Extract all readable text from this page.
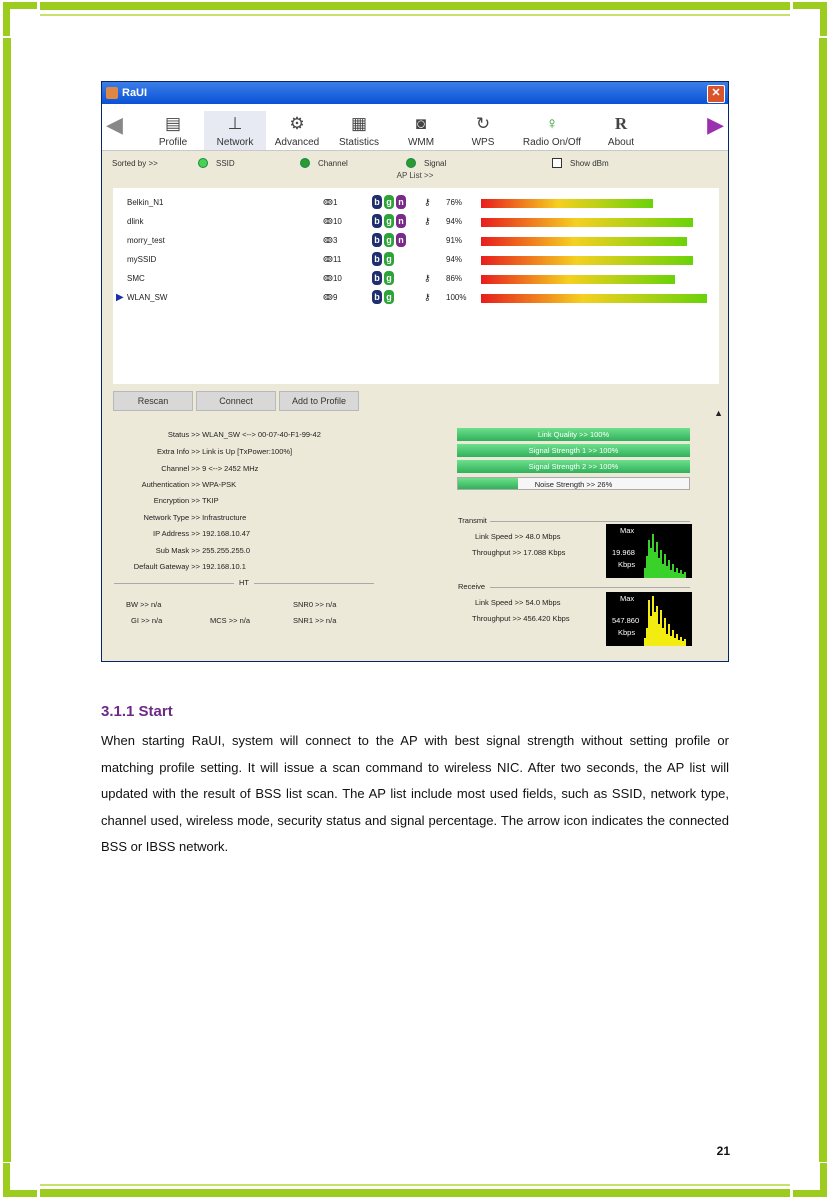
RaUI	✕
◀	▤
Profile
⊥
Network
⚙
Advanced
▦
Statistics
◙
WMM
↻
WPS
♀
Radio On/Off
R
About
▶
Sorted by >>	SSID	Channel	Signal	Show dBm
AP List >>
Belkin_N1	ↂ1	b g n ⚷ 76%
dlink	ↂ10	b g n ⚷ 94%
morry_test	ↂ3	b g n	91%
mySSID	ↂ11	b g	94%
SMC	ↂ10	b g	⚷ 86%
▶ WLAN_SW	ↂ9	b g	⚷ 100%
Rescan	Connect	Add to Profile
▲
Status >> WLAN_SW <--> 00-07-40-F1-99-42
Extra Info >> Link is Up [TxPower:100%]
Channel >> 9 <--> 2452 MHz
Authentication >> WPA-PSK
Encryption >> TKIP
Network Type >> Infrastructure
IP Address >> 192.168.10.47
Sub Mask >> 255.255.255.0
Default Gateway >> 192.168.10.1
HT
BW >> n/a
GI >> n/a	MCS >> n/a
SNR0 >> n/a
SNR1 >> n/a
Link Quality >> 100%
Signal Strength 1 >> 100%
Signal Strength 2 >> 100%
Noise Strength >> 26%
Transmit
Link Speed >> 48.0 Mbps
Throughput >> 17.088 Kbps
Max
19.968
Kbps
Receive
Link Speed >> 54.0 Mbps
Throughput >> 456.420 Kbps
Max
547.860
Kbps
3.1.1 Start
When starting RaUI, system will connect to the AP with best signal strength without setting profile or matching profile setting. It will issue a scan command to wireless NIC. After two seconds, the AP list will updated with the result of BSS list scan. The AP list include most used fields, such as SSID, network type, channel used, wireless mode, security status and signal percentage. The arrow icon indicates the connected BSS or IBSS network.
21
